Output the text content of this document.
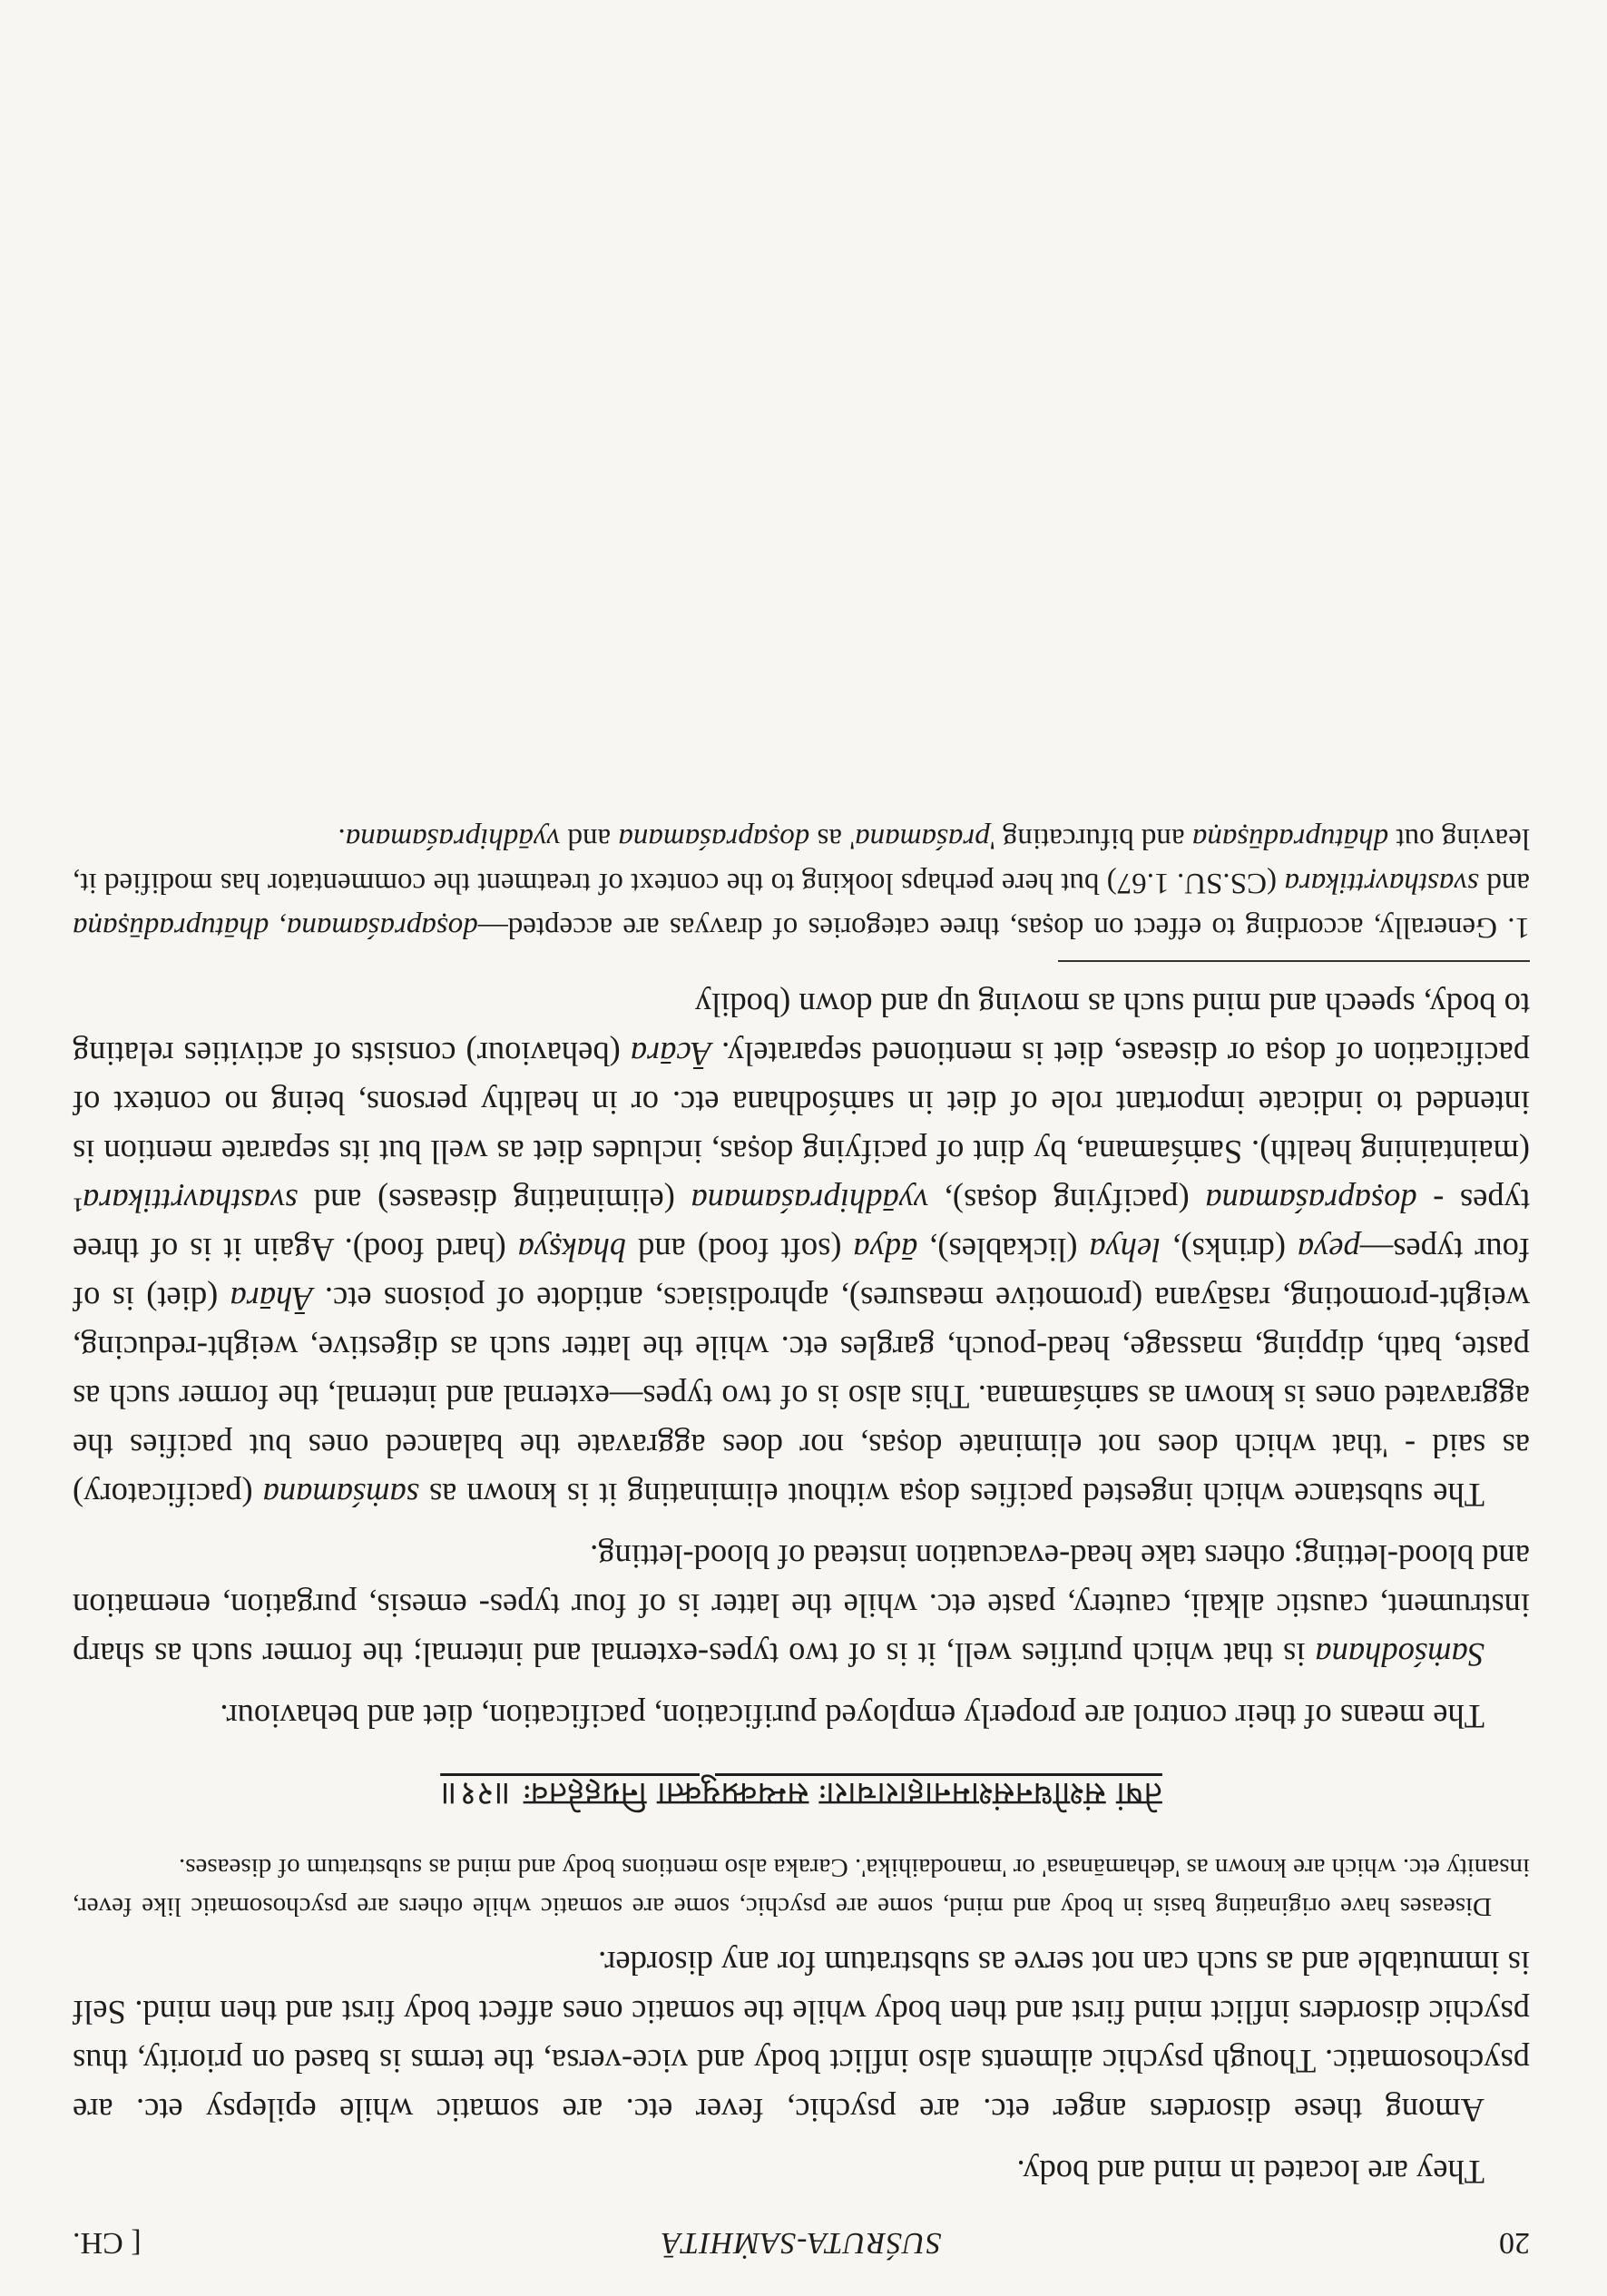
20
SUŚRUTA-SAṀHITĀ
[ CH.

They are located in mind and body.

Among these disorders anger etc. are psychic, fever etc. are somatic while epilepsy etc. are psychosomatic. Though psychic ailments also inflict body and vice-versa, the terms is based on priority, thus psychic disorders inflict mind first and then body while the somatic ones affect body first and then mind. Self is immutable and as such can not serve as substratum for any disorder.

Diseases have originating basis in body and mind, some are psychic, some are somatic while others are psychosomatic like fever, insanity etc. which are known as 'dehamānasa' or 'manodaihika'. Caraka also mentions body and mind as substratum of diseases.

तेषां संशोधनसंशमनाहाराचाराः सम्यक्प्रयुक्ता निग्रहहेतवः ॥२१॥

The means of their control are properly employed purification, pacification, diet and behaviour.

Saṁśodhana is that which purifies well, it is of two types-external and internal; the former such as sharp instrument, caustic alkali, cautery, paste etc. while the latter is of four types- emesis, purgation, enemation and blood-letting; others take head-evacuation instead of blood-letting.

The substance which ingested pacifies doṣa without eliminating it is known as saṁśamana (pacificatory) as said - 'that which does not eliminate doṣas, nor does aggravate the balanced ones but pacifies the aggravated ones is known as saṁśamana. This also is of two types—external and internal, the former such as paste, bath, dipping, massage, head-pouch, gargles etc. while the latter such as digestive, weight-reducing, weight-promoting, rasāyana (promotive measures), aphrodisiacs, antidote of poisons etc. Āhāra (diet) is of four types—peya (drinks), lehya (lickables), ādya (soft food) and bhakṣya (hard food). Again it is of three types - doṣapraśamana (pacifying doṣas), vyādhipraśamana (eliminating diseases) and svasthavṛttikara¹ (maintaining health). Saṁśamana, by dint of pacifying doṣas, includes diet as well but its separate mention is intended to indicate important role of diet in saṁśodhana etc. or in healthy persons, being no context of pacification of doṣa or disease, diet is mentioned separately. Ācāra (behaviour) consists of activities relating to body, speech and mind such as moving up and down (bodily

1. Generally, according to effect on doṣas, three categories of dravyas are accepted—doṣapraśamana, dhātupradūṣaṇa and svasthavṛttikara (CS.SU. 1.67) but here perhaps looking to the context of treatment the commentator has modified it, leaving out dhātupradūṣaṇa and bifurcating 'praśamana' as doṣapraśamana and vyādhipraśamana.
